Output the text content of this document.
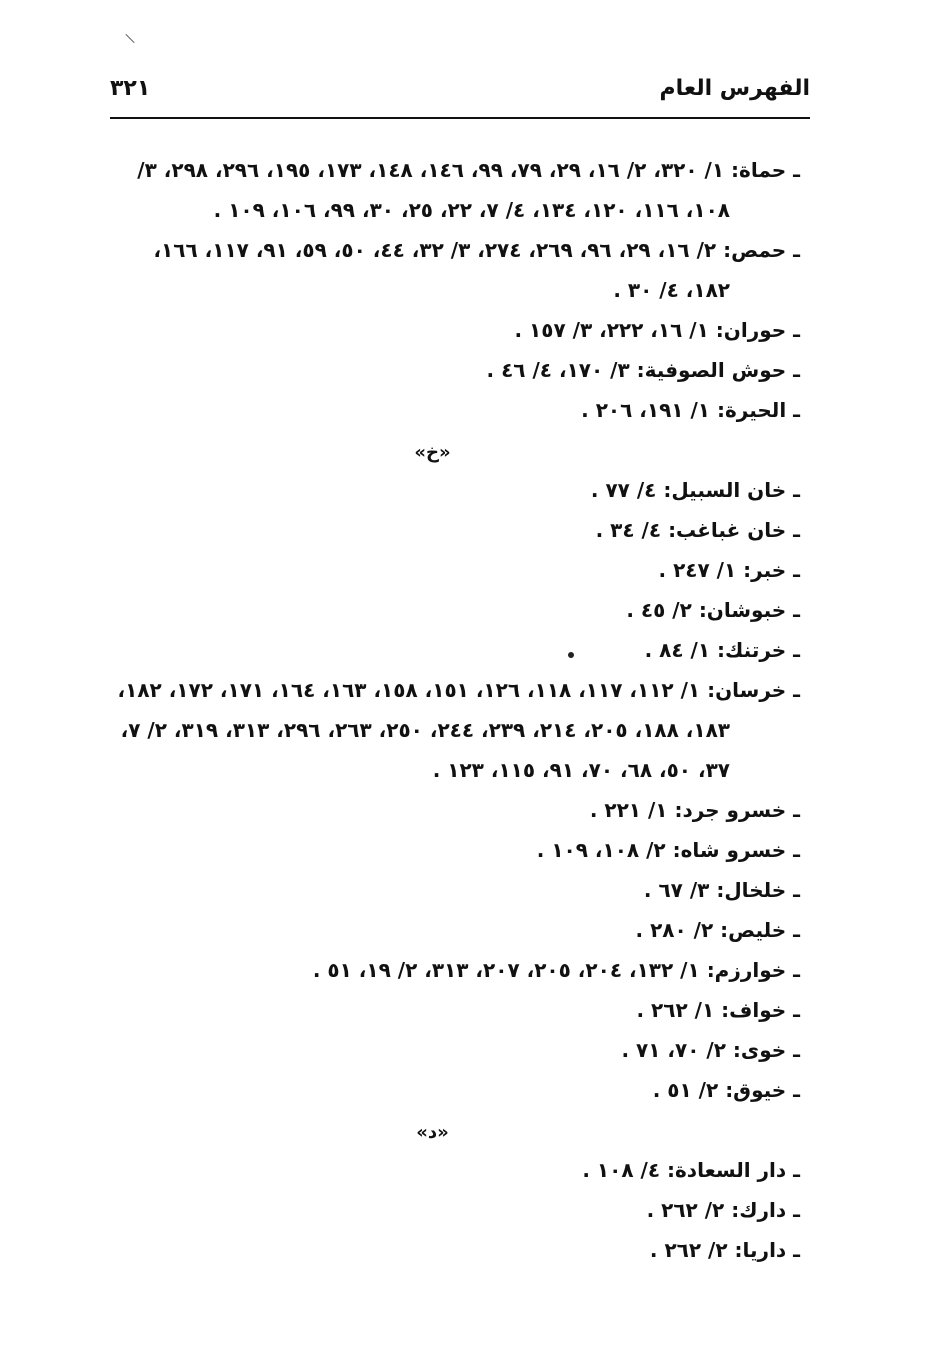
الفهرس العام
٣٢١

ـ حماة: ١/ ٣٢٠، ٢/ ١٦، ٢٩، ٧٩، ٩٩، ١٤٦، ١٤٨، ١٧٣، ١٩٥، ٢٩٦، ٢٩٨، ٣/ ١٠٨، ١١٦، ١٢٠، ١٣٤، ٤/ ٧، ٢٢، ٢٥، ٣٠، ٩٩، ١٠٦، ١٠٩ .

ـ حمص: ٢/ ١٦، ٢٩، ٩٦، ٢٦٩، ٢٧٤، ٣/ ٣٢، ٤٤، ٥٠، ٥٩، ٩١، ١١٧، ١٦٦، ١٨٢، ٤/ ٣٠ .

ـ حوران: ١/ ١٦، ٢٢٢، ٣/ ١٥٧ .

ـ حوش الصوفية: ٣/ ١٧٠، ٤/ ٤٦ .

ـ الحيرة: ١/ ١٩١، ٢٠٦ .

«خ»

ـ خان السبيل: ٤/ ٧٧ .

ـ خان غباغب: ٤/ ٣٤ .

ـ خبر: ١/ ٢٤٧ .

ـ خبوشان: ٢/ ٤٥ .

ـ خرتنك: ١/ ٨٤ .

ـ خرسان: ١/ ١١٢، ١١٧، ١١٨، ١٢٦، ١٥١، ١٥٨، ١٦٣، ١٦٤، ١٧١، ١٧٢، ١٨٢، ١٨٣، ١٨٨، ٢٠٥، ٢١٤، ٢٣٩، ٢٤٤، ٢٥٠، ٢٦٣، ٢٩٦، ٣١٣، ٣١٩، ٢/ ٧، ٣٧، ٥٠، ٦٨، ٧٠، ٩١، ١١٥، ١٢٣ .

ـ خسرو جرد: ١/ ٢٢١ .

ـ خسرو شاه: ٢/ ١٠٨، ١٠٩ .

ـ خلخال: ٣/ ٦٧ .

ـ خليص: ٢/ ٢٨٠ .

ـ خوارزم: ١/ ١٣٢، ٢٠٤، ٢٠٥، ٢٠٧، ٣١٣، ٢/ ١٩، ٥١ .

ـ خواف: ١/ ٢٦٢ .

ـ خوى: ٢/ ٧٠، ٧١ .

ـ خيوق: ٢/ ٥١ .

«د»

ـ دار السعادة: ٤/ ١٠٨ .

ـ دارك: ٢/ ٢٦٢ .

ـ داريا: ٢/ ٢٦٢ .
